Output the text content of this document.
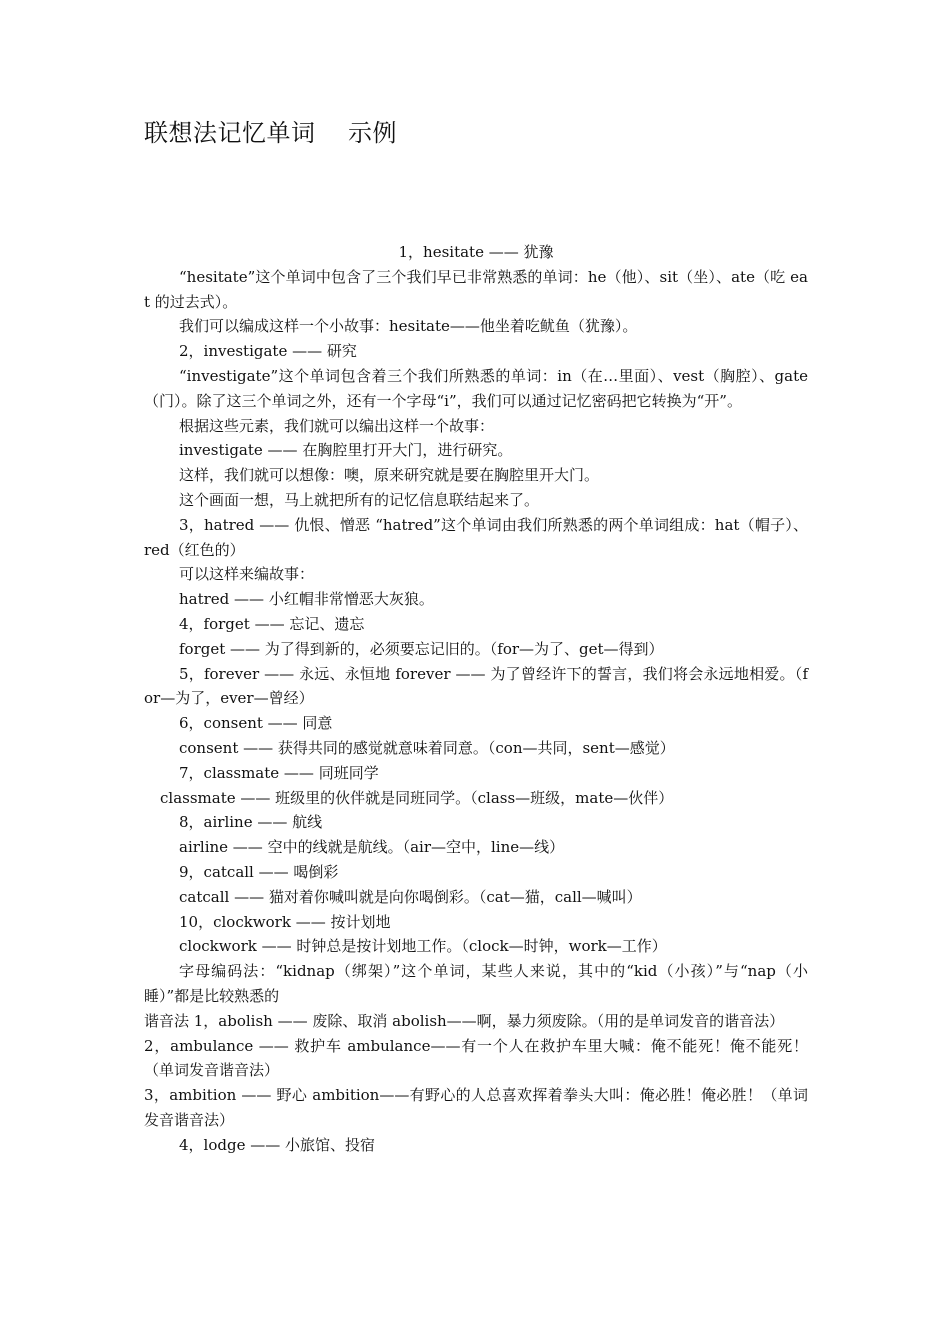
联想法记忆单词    示例

1，hesitate —— 犹豫

“hesitate”这个单词中包含了三个我们早已非常熟悉的单词：he（他）、sit（坐）、ate（吃 eat 的过去式）。

我们可以编成这样一个小故事：hesitate——他坐着吃鱿鱼（犹豫）。

2，investigate —— 研究

“investigate”这个单词包含着三个我们所熟悉的单词：in（在…里面）、vest（胸腔）、gate（门）。除了这三个单词之外，还有一个字母“i”，我们可以通过记忆密码把它转换为“开”。

根据这些元素，我们就可以编出这样一个故事：

investigate —— 在胸腔里打开大门，进行研究。

这样，我们就可以想像：噢，原来研究就是要在胸腔里开大门。

这个画面一想，马上就把所有的记忆信息联结起来了。

3，hatred —— 仇恨、憎恶 “hatred”这个单词由我们所熟悉的两个单词组成：hat（帽子）、red（红色的）

可以这样来编故事：

hatred —— 小红帽非常憎恶大灰狼。

4，forget —— 忘记、遗忘

forget —— 为了得到新的，必须要忘记旧的。（for—为了、get—得到）

5，forever —— 永远、永恒地 forever —— 为了曾经许下的誓言，我们将会永远地相爱。（for—为了，ever—曾经）

6，consent —— 同意

consent —— 获得共同的感觉就意味着同意。（con—共同，sent—感觉）

7，classmate —— 同班同学

classmate —— 班级里的伙伴就是同班同学。（class—班级，mate—伙伴）

8，airline —— 航线

airline —— 空中的线就是航线。（air—空中，line—线）

9，catcall —— 喝倒彩

catcall —— 猫对着你喊叫就是向你喝倒彩。（cat—猫，call—喊叫）

10，clockwork —— 按计划地

clockwork —— 时钟总是按计划地工作。（clock—时钟，work—工作）

字母编码法：“kidnap（绑架）”这个单词，某些人来说，其中的“kid（小孩）”与“nap（小睡）”都是比较熟悉的

谐音法 1，abolish —— 废除、取消 abolish——啊，暴力须废除。（用的是单词发音的谐音法）

2，ambulance —— 救护车 ambulance——有一个人在救护车里大喊：俺不能死！俺不能死！（单词发音谐音法）

3，ambition —— 野心 ambition——有野心的人总喜欢挥着拳头大叫：俺必胜！俺必胜！（单词发音谐音法）

4，lodge —— 小旅馆、投宿
